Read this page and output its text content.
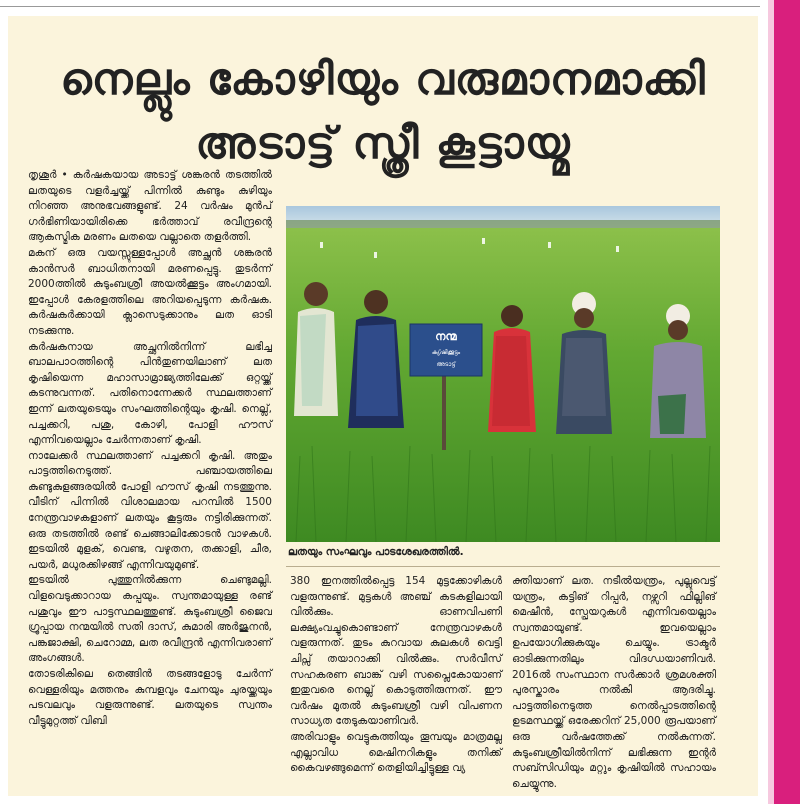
നെല്ലും കോഴിയും വരുമാനമാക്കി
അടാട്ട് സ്ത്രീ കൂട്ടായ്മ

തൃശൂർ • കർഷകയായ അടാട്ട് ശങ്കരൻ തടത്തിൽ ലതയുടെ വളർച്ചയ്ക്ക് പിന്നിൽ കുണ്ടും കുഴിയും നിറഞ്ഞ അനുഭവങ്ങളുണ്ട്. 24 വർഷം മുൻപ് ഗർഭിണിയായിരിക്കെ ഭർത്താവ് രവീന്ദ്രന്റെ ആകസ്മിക മരണം ലതയെ വല്ലാതെ തളർത്തി.

മകന് ഒരു വയസ്സുള്ളപ്പോൾ അച്ഛൻ ശങ്കരൻ കാൻസർ ബാധിതനായി മരണപ്പെട്ടു. തുടർന്ന് 2000ത്തിൽ കുടുംബശ്രീ അയൽക്കൂട്ടം അംഗമായി. ഇപ്പോൾ കേരളത്തിലെ അറിയപ്പെടുന്ന കർഷക. കർഷകർക്കായി ക്ലാസെടുക്കാനും ലത ഓടി നടക്കുന്നു.

കർഷകനായ അച്ഛനിൽനിന്ന് ലഭിച്ച ബാലപാഠത്തിന്റെ പിൻതുണയിലാണ് ലത കൃഷിയെന്ന മഹാസാമ്രാജ്യത്തിലേക്ക് ഒറ്റയ്ക്ക് കടന്നുവന്നത്. പതിനൊന്നേക്കർ സ്ഥലത്താണ് ഇന്ന് ലതയുടെയും സംഘത്തിന്റെയും കൃഷി. നെല്ല്, പച്ചക്കറി, പശു, കോഴി, പോളി ഹൗസ് എന്നിവയെല്ലാം ചേർന്നതാണ് കൃഷി.

നാലേക്കർ സ്ഥലത്താണ് പച്ചക്കറി കൃഷി. അതും പാട്ടത്തിനെടുത്ത്. പഞ്ചായത്തിലെ കുണ്ടുകുളങ്ങരയിൽ പോളി ഹൗസ് കൃഷി നടത്തുന്നു. വീടിന് പിന്നിൽ വിശാലമായ പറമ്പിൽ 1500 നേന്ത്രവാഴകളാണ് ലതയും കൂട്ടരും നട്ടിരിക്കുന്നത്. ഒരു തടത്തിൽ രണ്ട് ചെങ്ങാലിക്കോടൻ വാഴകൾ. ഇടയിൽ മുളക്, വെണ്ട, വഴുതന, തക്കാളി, ചീര, പയർ, മധുരക്കിഴങ്ങ് എന്നിവയുമുണ്ട്.

ഇടയിൽ പുത്തുനിൽക്കുന്ന ചെണ്ടുമല്ലി. വിളവെടുക്കാറായ കപ്പയും. സ്വന്തമായുള്ള രണ്ട് പശുവും ഈ പാട്ടസ്ഥലത്തുണ്ട്. കുടുംബശ്രീ ജൈവ ഗ്രൂപ്പായ നന്മയിൽ സതി ദാസ്, കുമാരി അർജുനൻ, പങ്കജാക്ഷി, ചെറോമ്മ, ലത രവീന്ദ്രൻ എന്നിവരാണ് അംഗങ്ങൾ.

തോടരികിലെ തെങ്ങിൻ തടങ്ങളോടു ചേർന്ന് വെള്ളരിയും മത്തനും കുമ്പളവും ചേനയും ചുരയ്ക്കയും പടവലവും വളരുന്നുണ്ട്. ലതയുടെ സ്വന്തം വീട്ടുമുറ്റത്ത് വിബി

നന്മ
ക്യ്ഷിക്കൂട്ടം
അടാട്ട്
ലതയും സംഘവും പാടശേഖരത്തിൽ.

380 ഇനത്തിൽപ്പെട്ട 154 മുട്ടക്കോഴികൾ വളരുന്നുണ്ട്. മുട്ടകൾ അഞ്ച് കടകളിലായി വിൽക്കും. ഓണവിപണി ലക്ഷ്യംവച്ചുകൊണ്ടാണ് നേന്ത്രവാഴകൾ വളരുന്നത്. തുടം കുറവായ കുലകൾ വെട്ടി ചിപ്സ് തയാറാക്കി വിൽക്കും. സർവീസ് സഹകരണ ബാങ്ക് വഴി സപ്ലൈകോയാണ് ഇതുവരെ നെല്ല് കൊടുത്തിരുന്നത്. ഈ വർഷം മുതൽ കുടുംബശ്രീ വഴി വിപണന സാധ്യത തേടുകയാണിവർ.

അരിവാളും വെട്ടുകത്തിയും തൂമ്പയും മാത്രമല്ല എല്ലാവിധ മെഷിനറികളും തനിക്ക് കൈവഴങ്ങുമെന്ന് തെളിയിച്ചിട്ടുള്ള വ്യ

ക്തിയാണ് ലത. നടീൽയന്ത്രം, പുല്ലുവെട്ട് യന്ത്രം, കട്ടിങ് റിപ്പർ, നഴ്സറി ഫില്ലിങ് മെഷീൻ, സ്പ്രേയറുകൾ എന്നിവയെല്ലാം സ്വന്തമായുണ്ട്. ഇവയെല്ലാം ഉപയോഗിക്കുകയും ചെയ്യും. ട്രാക്ടർ ഓടിക്കുന്നതിലും വിദഗ്ധയാണിവർ. 2016ൽ സംസ്ഥാന സർക്കാർ ശ്രമശക്തി പുരസ്കാരം നൽകി ആദരിച്ചു. പാട്ടത്തിനെടുത്ത നെൽപ്പാടത്തിന്റെ ഉടമസ്ഥയ്ക്ക് ഒരേക്കറിന് 25,000 രൂപയാണ് ഒരു വർഷത്തേക്ക് നൽകുന്നത്. കുടുംബശ്രീയിൽനിന്ന് ലഭിക്കുന്ന ഇന്റർ സബ്സിഡിയും മറ്റും കൃഷിയിൽ സഹായം ചെയ്യുന്നു.
